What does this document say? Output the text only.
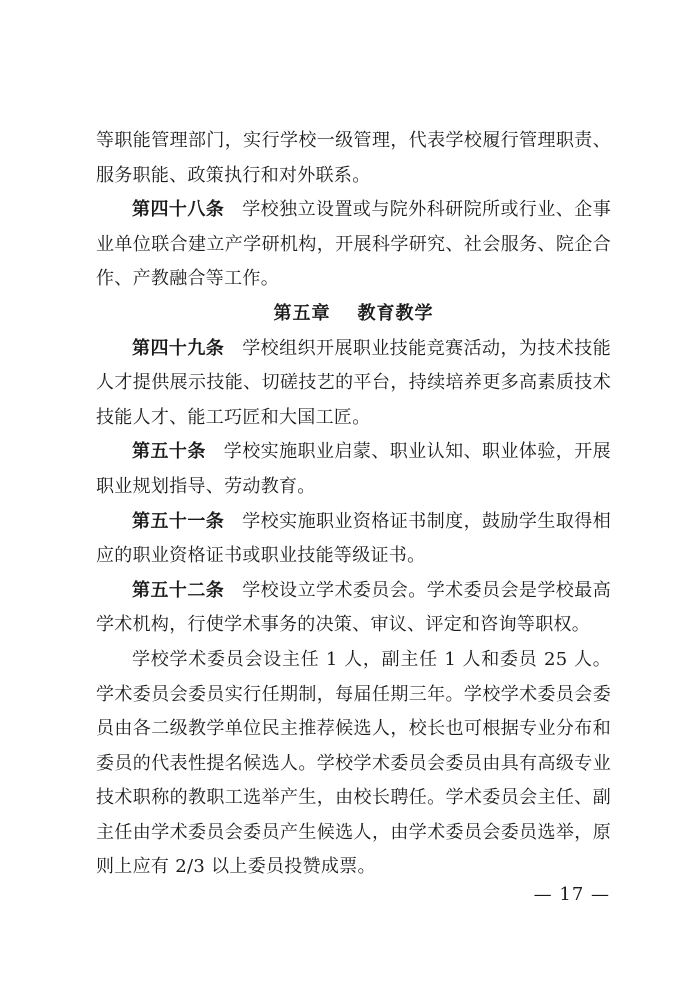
等职能管理部门，实行学校一级管理，代表学校履行管理职责、服务职能、政策执行和对外联系。

第四十八条 学校独立设置或与院外科研院所或行业、企事业单位联合建立产学研机构，开展科学研究、社会服务、院企合作、产教融合等工作。

第五章 教育教学

第四十九条 学校组织开展职业技能竞赛活动，为技术技能人才提供展示技能、切磋技艺的平台，持续培养更多高素质技术技能人才、能工巧匠和大国工匠。

第五十条 学校实施职业启蒙、职业认知、职业体验，开展职业规划指导、劳动教育。

第五十一条 学校实施职业资格证书制度，鼓励学生取得相应的职业资格证书或职业技能等级证书。

第五十二条 学校设立学术委员会。学术委员会是学校最高学术机构，行使学术事务的决策、审议、评定和咨询等职权。

学校学术委员会设主任 1 人，副主任 1 人和委员 25 人。学术委员会委员实行任期制，每届任期三年。学校学术委员会委员由各二级教学单位民主推荐候选人，校长也可根据专业分布和委员的代表性提名候选人。学校学术委员会委员由具有高级专业技术职称的教职工选举产生，由校长聘任。学术委员会主任、副主任由学术委员会委员产生候选人，由学术委员会委员选举，原则上应有 2/3 以上委员投赞成票。

— 17 —
